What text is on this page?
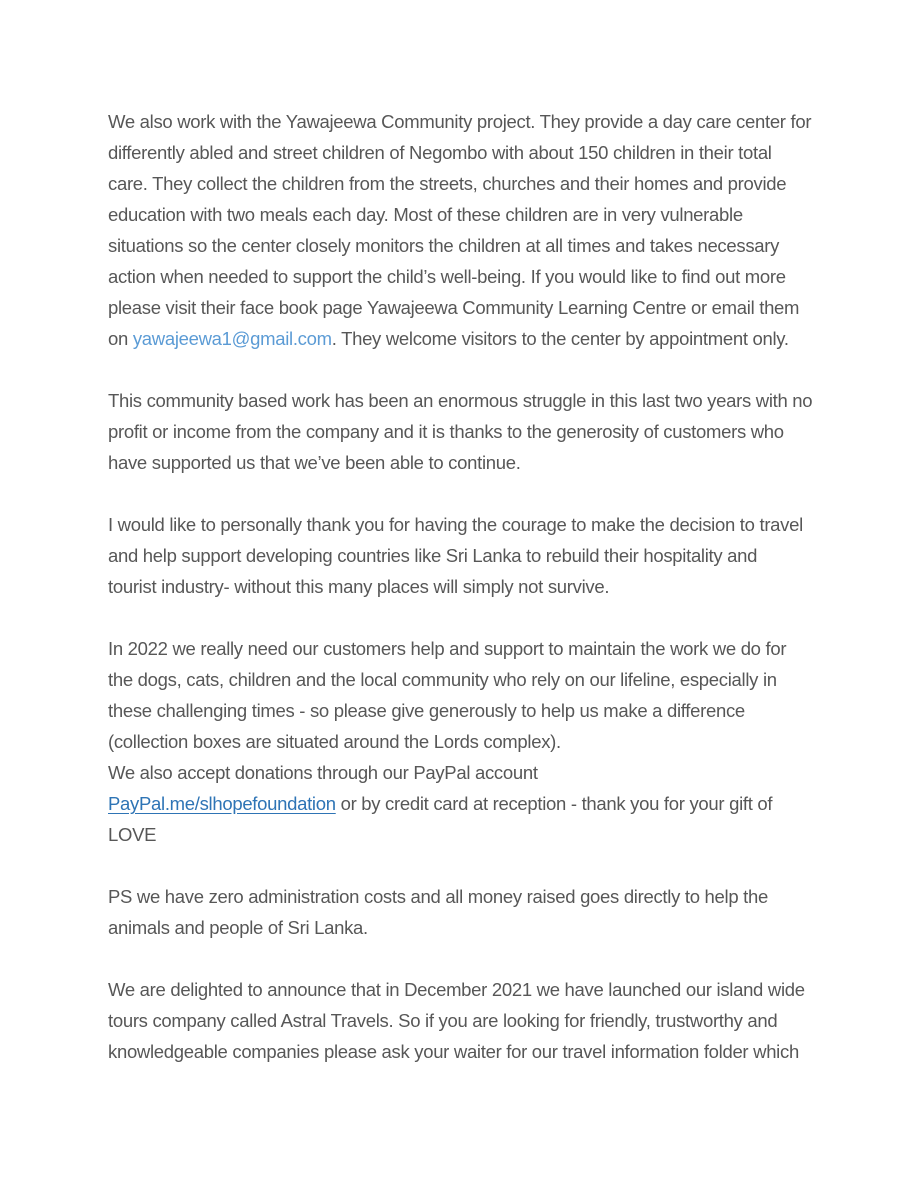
We also work with the Yawajeewa Community project. They provide a day care center for
differently abled and street children of Negombo with about 150 children in their total
care. They collect the children from the streets, churches and their homes and provide
education with two meals each day. Most of these children are in very vulnerable
situations so the center closely monitors the children at all times and takes necessary
action when needed to support the child’s well-being. If you would like to find out more
please visit their face book page Yawajeewa Community Learning Centre or email them
on yawajeewa1@gmail.com. They welcome visitors to the center by appointment only.
This community based work has been an enormous struggle in this last two years with no
profit or income from the company and it is thanks to the generosity of customers who
have supported us that we’ve been able to continue.
I would like to personally thank you for having the courage to make the decision to travel
and help support developing countries like Sri Lanka to rebuild their hospitality and
tourist industry- without this many places will simply not survive.
In 2022 we really need our customers help and support to maintain the work we do for
the dogs, cats, children and the local community who rely on our lifeline, especially in
these challenging times - so please give generously to help us make a difference
(collection boxes are situated around the Lords complex).
We also accept donations through our PayPal account
PayPal.me/slhopefoundation or by credit card at reception - thank you for your gift of
LOVE
PS we have zero administration costs and all money raised goes directly to help the
animals and people of Sri Lanka.
We are delighted to announce that in December 2021 we have launched our island wide
tours company called Astral Travels. So if you are looking for friendly, trustworthy and
knowledgeable companies please ask your waiter for our travel information folder which
